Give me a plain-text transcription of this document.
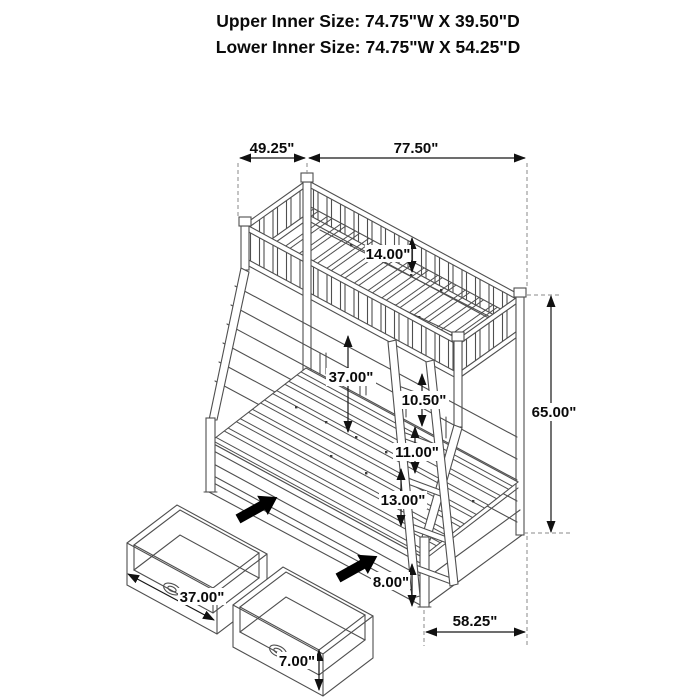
49.25"	77.50"
14.00"
37.00"
10.50"
11.00"
13.00"
8.00"
65.00"
58.25"
37.00"
7.00"
Upper Inner Size: 74.75"W X 39.50"D
Lower Inner Size: 74.75"W X 54.25"D
